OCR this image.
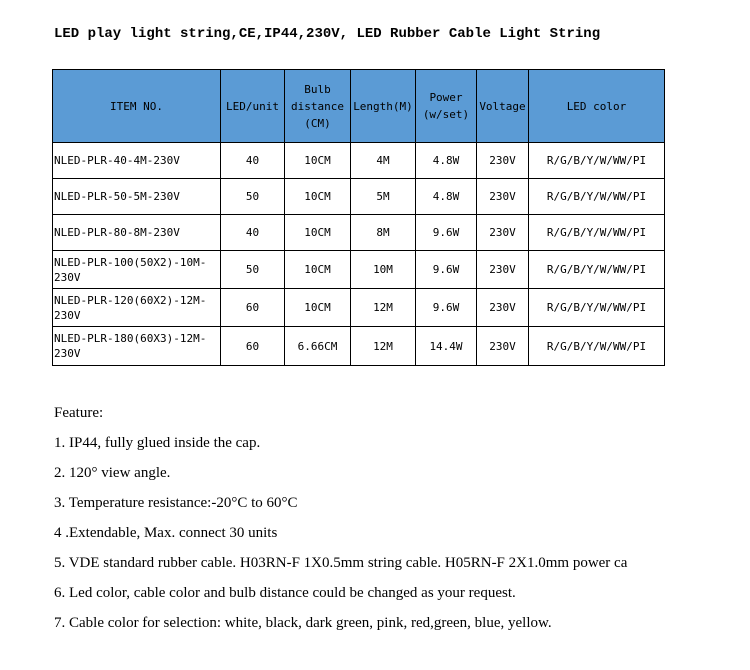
LED play light string,CE,IP44,230V, LED Rubber Cable Light String
ITEM NO.	LED/unit	Bulb distance (CM)	Length(M)	Power (w/set)	Voltage	LED color
NLED-PLR-40-4M-230V	40	10CM	4M	4.8W	230V	R/G/B/Y/W/WW/PI
NLED-PLR-50-5M-230V	50	10CM	5M	4.8W	230V	R/G/B/Y/W/WW/PI
NLED-PLR-80-8M-230V	40	10CM	8M	9.6W	230V	R/G/B/Y/W/WW/PI
NLED-PLR-100(50X2)-10M-230V	50	10CM	10M	9.6W	230V	R/G/B/Y/W/WW/PI
NLED-PLR-120(60X2)-12M-230V	60	10CM	12M	9.6W	230V	R/G/B/Y/W/WW/PI
NLED-PLR-180(60X3)-12M-230V	60	6.66CM	12M	14.4W	230V	R/G/B/Y/W/WW/PI
Feature:
1. IP44, fully glued inside the cap.
2. 120° view angle.
3. Temperature resistance:-20°C to 60°C
4 .Extendable, Max. connect 30 units
5. VDE standard rubber cable. H03RN-F 1X0.5mm string cable. H05RN-F 2X1.0mm power ca
6. Led color, cable color and bulb distance could be changed as your request.
7. Cable color for selection: white, black, dark green, pink, red,green, blue, yellow.
